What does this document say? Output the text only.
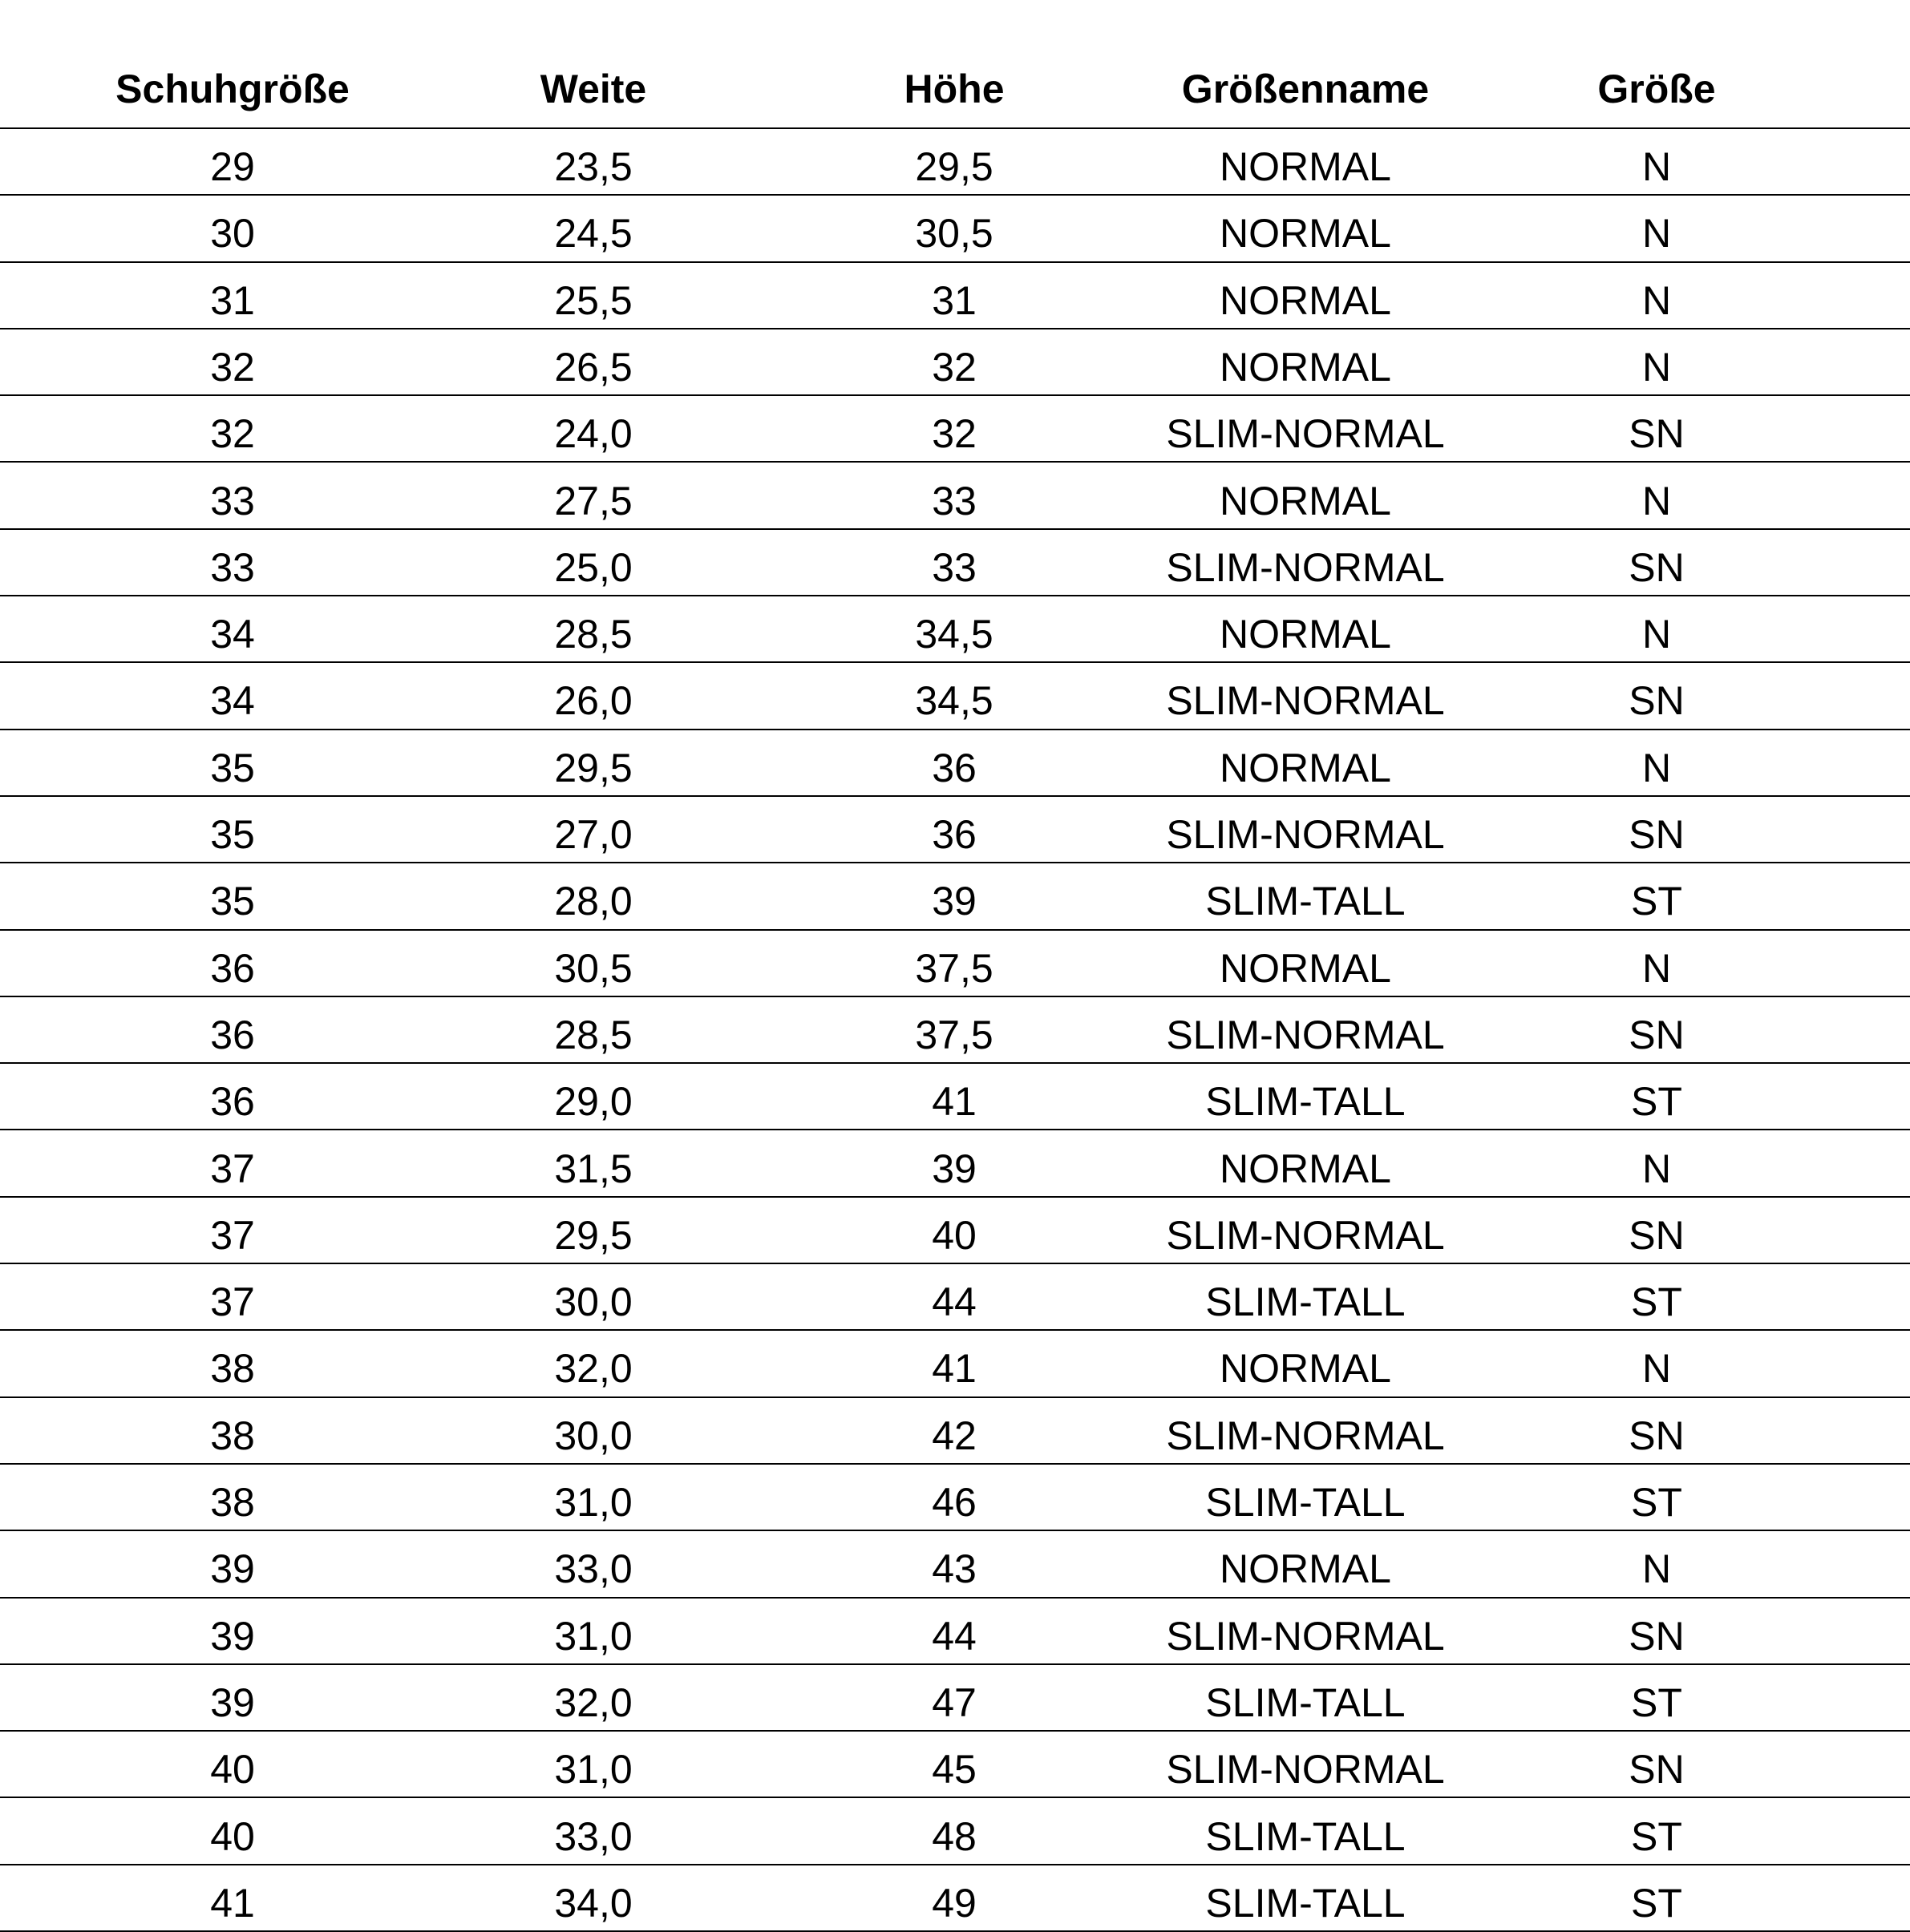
Schuhgröße	Weite	Höhe	Größenname	Größe
29	23,5	29,5	NORMAL	N
30	24,5	30,5	NORMAL	N
31	25,5	31	NORMAL	N
32	26,5	32	NORMAL	N
32	24,0	32	SLIM-NORMAL	SN
33	27,5	33	NORMAL	N
33	25,0	33	SLIM-NORMAL	SN
34	28,5	34,5	NORMAL	N
34	26,0	34,5	SLIM-NORMAL	SN
35	29,5	36	NORMAL	N
35	27,0	36	SLIM-NORMAL	SN
35	28,0	39	SLIM-TALL	ST
36	30,5	37,5	NORMAL	N
36	28,5	37,5	SLIM-NORMAL	SN
36	29,0	41	SLIM-TALL	ST
37	31,5	39	NORMAL	N
37	29,5	40	SLIM-NORMAL	SN
37	30,0	44	SLIM-TALL	ST
38	32,0	41	NORMAL	N
38	30,0	42	SLIM-NORMAL	SN
38	31,0	46	SLIM-TALL	ST
39	33,0	43	NORMAL	N
39	31,0	44	SLIM-NORMAL	SN
39	32,0	47	SLIM-TALL	ST
40	31,0	45	SLIM-NORMAL	SN
40	33,0	48	SLIM-TALL	ST
41	34,0	49	SLIM-TALL	ST
